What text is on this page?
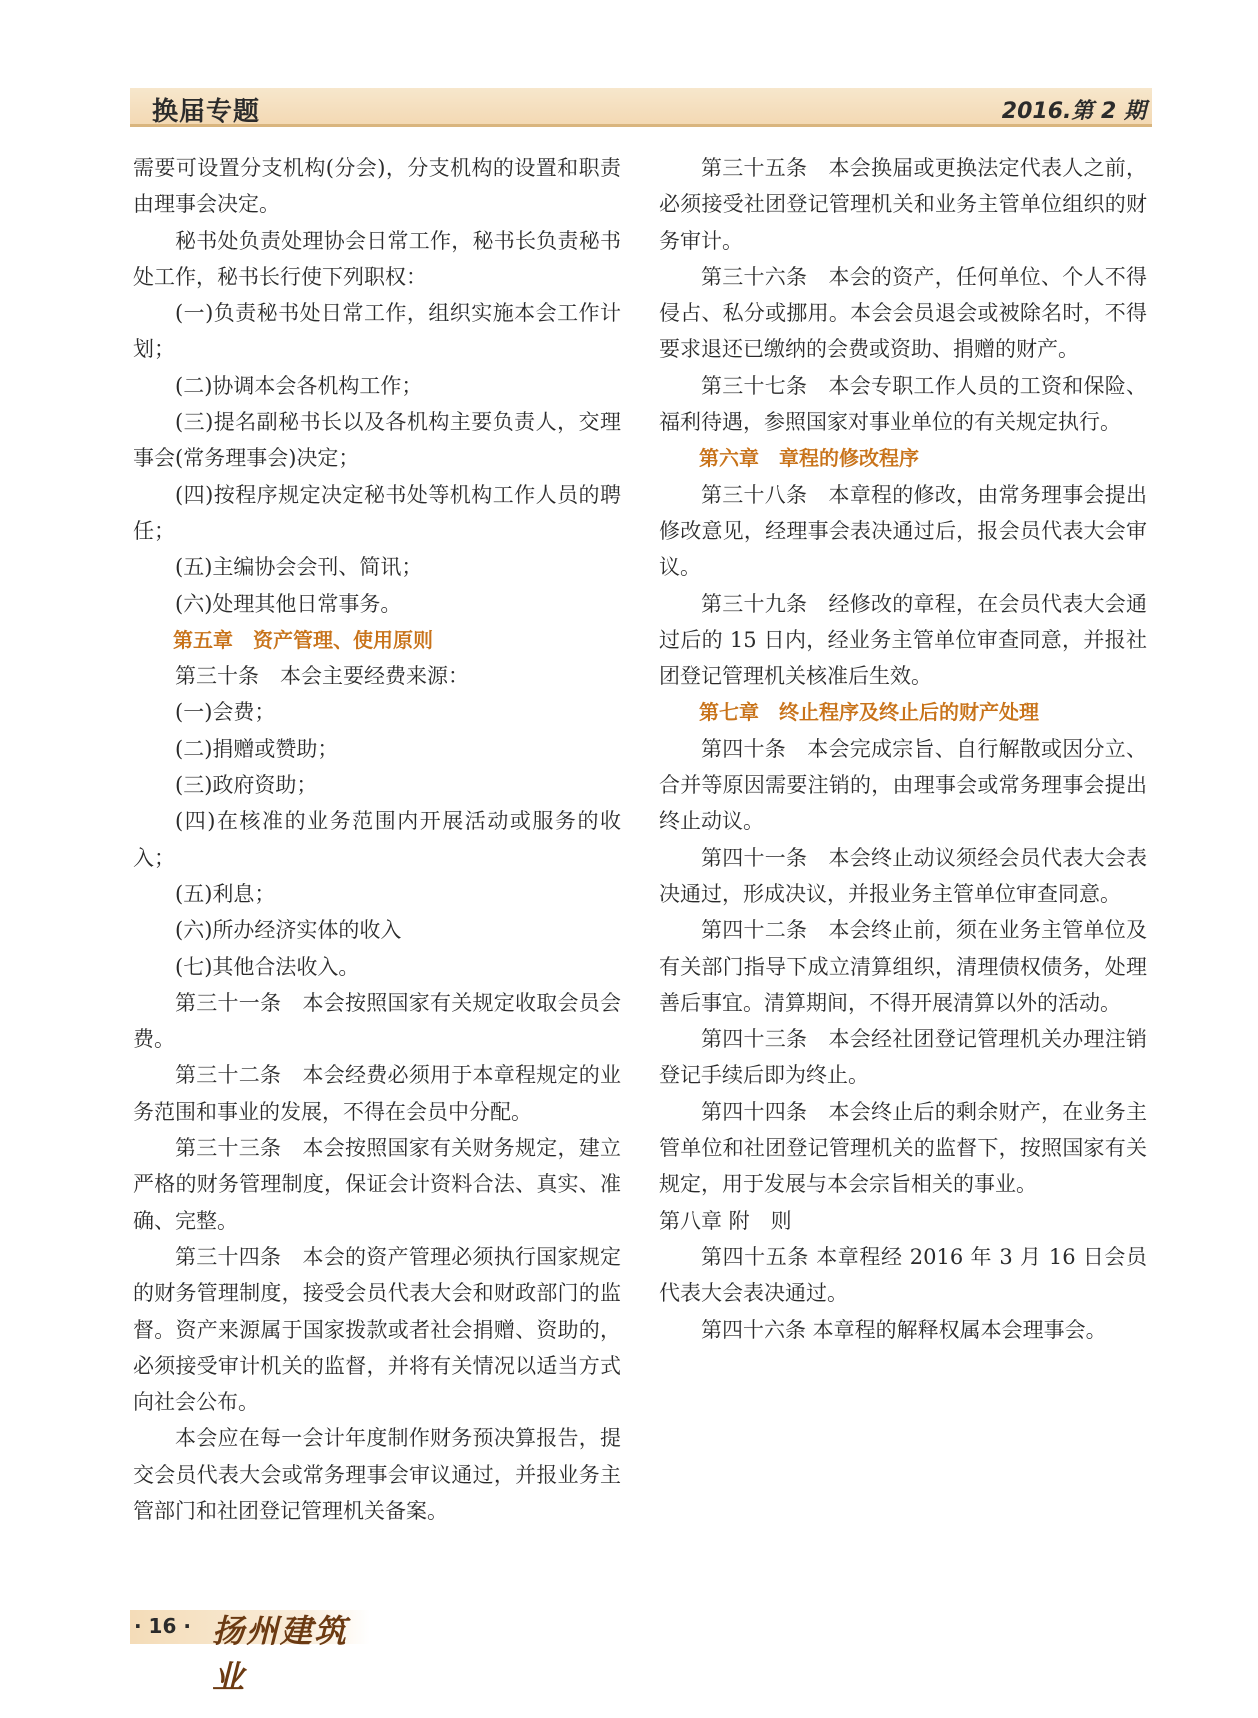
换届专题	2016.第 2 期

需要可设置分支机构(分会)，分支机构的设置和职责由理事会决定。

秘书处负责处理协会日常工作，秘书长负责秘书处工作，秘书长行使下列职权：

(一)负责秘书处日常工作，组织实施本会工作计划；

(二)协调本会各机构工作；

(三)提名副秘书长以及各机构主要负责人，交理事会(常务理事会)决定；

(四)按程序规定决定秘书处等机构工作人员的聘任；

(五)主编协会会刊、简讯；

(六)处理其他日常事务。

第五章　资产管理、使用原则

第三十条　本会主要经费来源：

(一)会费；

(二)捐赠或赞助；

(三)政府资助；

(四)在核准的业务范围内开展活动或服务的收入；

(五)利息；

(六)所办经济实体的收入

(七)其他合法收入。

第三十一条　本会按照国家有关规定收取会员会费。

第三十二条　本会经费必须用于本章程规定的业务范围和事业的发展，不得在会员中分配。

第三十三条　本会按照国家有关财务规定，建立严格的财务管理制度，保证会计资料合法、真实、准确、完整。

第三十四条　本会的资产管理必须执行国家规定的财务管理制度，接受会员代表大会和财政部门的监督。资产来源属于国家拨款或者社会捐赠、资助的，必须接受审计机关的监督，并将有关情况以适当方式向社会公布。

本会应在每一会计年度制作财务预决算报告，提交会员代表大会或常务理事会审议通过，并报业务主管部门和社团登记管理机关备案。

第三十五条　本会换届或更换法定代表人之前，必须接受社团登记管理机关和业务主管单位组织的财务审计。

第三十六条　本会的资产，任何单位、个人不得侵占、私分或挪用。本会会员退会或被除名时，不得要求退还已缴纳的会费或资助、捐赠的财产。

第三十七条　本会专职工作人员的工资和保险、福利待遇，参照国家对事业单位的有关规定执行。

第六章　章程的修改程序

第三十八条　本章程的修改，由常务理事会提出修改意见，经理事会表决通过后，报会员代表大会审议。

第三十九条　经修改的章程，在会员代表大会通过后的 15 日内，经业务主管单位审查同意，并报社团登记管理机关核准后生效。

第七章　终止程序及终止后的财产处理

第四十条　本会完成宗旨、自行解散或因分立、合并等原因需要注销的，由理事会或常务理事会提出终止动议。

第四十一条　本会终止动议须经会员代表大会表决通过，形成决议，并报业务主管单位审查同意。

第四十二条　本会终止前，须在业务主管单位及有关部门指导下成立清算组织，清理债权债务，处理善后事宜。清算期间，不得开展清算以外的活动。

第四十三条　本会经社团登记管理机关办理注销登记手续后即为终止。

第四十四条　本会终止后的剩余财产，在业务主管单位和社团登记管理机关的监督下，按照国家有关规定，用于发展与本会宗旨相关的事业。

第八章 附　则

第四十五条 本章程经 2016 年 3 月 16 日会员代表大会表决通过。

第四十六条 本章程的解释权属本会理事会。

· 16 · 扬州建筑业
